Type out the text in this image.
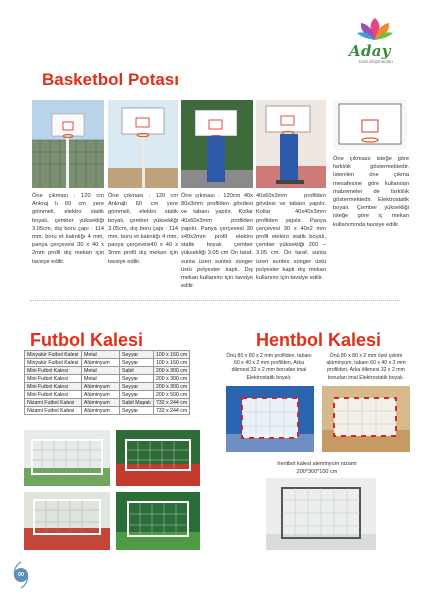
Aday
Katlı Ekipmanları
Basketbol Potası
Öne çıkması : 120 cm Ankraj lı 60 cm yere gömmeli, elektro statik boyalı, çember yüksekliği 3.05cm, dış boru çapı : 114 mm, boru et kalınlığı 4 mm, panya çerçevesi 30 x 40 x 2mm profil dış mekan için tavsiye edilir.
Öne çıkması : 120 cm Ankrajlı 60 cm yere gömmeli, elektro statik boyalı, çember yüksekliği 3.05cm, dış boru çapı : 114 mm, boru et kalınlığı 4 mm, panya çerçevesi40 x 40 x 3mm profil dış mekan için tavsiye edilir.
Öne çıkması : 120cm 40x 80x3mm profilden gövdesi ve tabanı yapılır. Kollar 40x60x3mm profilden yapılır. Panya çerçevesi 30 x40x2mm profil elektro statik boyalı çember yüksekliği 3.05 cm Ön taraf, sunta üzeri suntex sünger üstü polyester kaplı. Dış mekan kullanımı için tavsiye edilir.
40x60x3mm profilden gövdesi ve tabanı yapılır. Kollar 40x40x3mm profilden yapılır. Panya çerçevesi 30 x 40x2 mm profil elektro statik boyalı, çember yüksekliği 260 – 3.05 cm. Ön taraf, sunta üzeri suntex sünger üstü polyester kaplı dış mekan kullanımı için tavsiye edilir.
Öne çıkmasıı isteğe göre farklılık göstermektedir. İstenilen öne çıkma mesafesine göre kullanılan malzemeler de farklılık göstermektedir. Elektrostatik boyalı. Çember yüksekliği isteğe göre iç mekan kullanımında tavsiye edilir.
Futbol Kalesi
Minyatür Futbol Kalesi	Metal	Seyyar	100 x 160 cm
Minyatür Futbol Kalesi	Alüminyum	Seyyar	100 x 160 cm
Mini Futbol Kalesi	Metal	Sabit	200 x 300 cm
Mini Futbol Kalesi	Metal	Seyyar	200 x 300 cm
Mini Futbol Kalesi	Alüminyum	Seyyar	200 x 300 cm
Mini Futbol Kalesi	Alüminyum	Seyyar	200 x 500 cm
Nizami Futbol Kalesi	Alüminyum	Sabit Mapalı	732 x 244 cm
Nizami Futbol Kalesi	Alüminyum	Seyyar	732 x 244 cm
Hentbol Kalesi
Önü 80 x 80 x 2 mm profilden, tabanı 60 x 40 x 2 mm profilden, Arka dikmesi 32 x 2 mm borudan imal Elektrostatik boyalı.
Önü 80 x 80 x 2 mm özel çekim alüminyum, tabanı 60 x 40 x 2 mm profilden, Arka dikmesi 32 x 2 mm borudan imal Elektrostatik boyalı.
hentbol kalesi aleminyum nizami 200*300*100 cm
00
